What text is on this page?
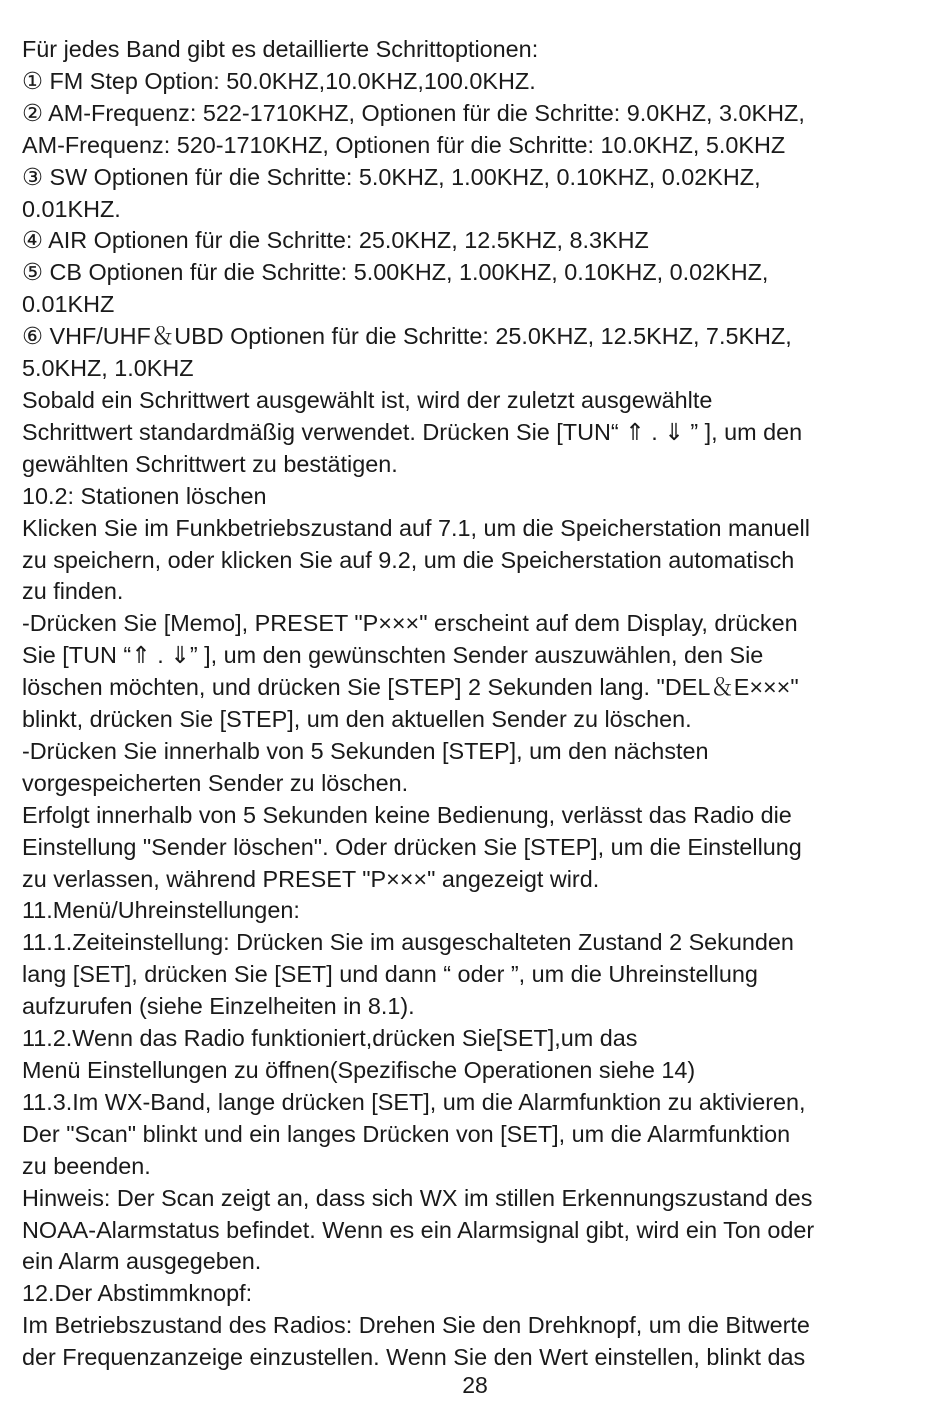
Für jedes Band gibt es detaillierte Schrittoptionen:
① FM Step Option: 50.0KHZ,10.0KHZ,100.0KHZ.
② AM-Frequenz: 522-1710KHZ, Optionen für die Schritte: 9.0KHZ, 3.0KHZ,
AM-Frequenz: 520-1710KHZ, Optionen für die Schritte: 10.0KHZ, 5.0KHZ
③ SW Optionen für die Schritte: 5.0KHZ, 1.00KHZ, 0.10KHZ, 0.02KHZ,
0.01KHZ.
④ AIR Optionen für die Schritte: 25.0KHZ, 12.5KHZ, 8.3KHZ
⑤ CB Optionen für die Schritte: 5.00KHZ, 1.00KHZ, 0.10KHZ, 0.02KHZ,
0.01KHZ
⑥ VHF/UHF＆UBD Optionen für die Schritte: 25.0KHZ, 12.5KHZ, 7.5KHZ,
5.0KHZ, 1.0KHZ
Sobald ein Schrittwert ausgewählt ist, wird der zuletzt ausgewählte
Schrittwert standardmäßig verwendet. Drücken Sie [TUN“ ⇑ . ⇓ ” ], um den
gewählten Schrittwert zu bestätigen.
10.2: Stationen löschen
Klicken Sie im Funkbetriebszustand auf 7.1, um die Speicherstation manuell
zu speichern, oder klicken Sie auf 9.2, um die Speicherstation automatisch
zu finden.
-Drücken Sie [Memo], PRESET "P×××" erscheint auf dem Display, drücken
Sie [TUN “⇑ . ⇓” ], um den gewünschten Sender auszuwählen, den Sie
löschen möchten, und drücken Sie [STEP] 2 Sekunden lang. "DEL＆E×××"
blinkt, drücken Sie [STEP], um den aktuellen Sender zu löschen.
-Drücken Sie innerhalb von 5 Sekunden [STEP], um den nächsten
vorgespeicherten Sender zu löschen.
Erfolgt innerhalb von 5 Sekunden keine Bedienung, verlässt das Radio die
Einstellung "Sender löschen". Oder drücken Sie [STEP], um die Einstellung
zu verlassen, während PRESET "P×××" angezeigt wird.
11.Menü/Uhreinstellungen:
11.1.Zeiteinstellung: Drücken Sie im ausgeschalteten Zustand 2 Sekunden
lang [SET], drücken Sie [SET] und dann “ oder ”, um die Uhreinstellung
aufzurufen (siehe Einzelheiten in 8.1).
11.2.Wenn das Radio funktioniert,drücken Sie[SET],um das
Menü Einstellungen zu öffnen(Spezifische Operationen siehe 14)
11.3.Im WX-Band, lange drücken [SET], um die Alarmfunktion zu aktivieren,
Der "Scan" blinkt und ein langes Drücken von [SET], um die Alarmfunktion
zu beenden.
Hinweis: Der Scan zeigt an, dass sich WX im stillen Erkennungszustand des
NOAA-Alarmstatus befindet. Wenn es ein Alarmsignal gibt, wird ein Ton oder
ein Alarm ausgegeben.
12.Der Abstimmknopf:
Im Betriebszustand des Radios: Drehen Sie den Drehknopf, um die Bitwerte
der Frequenzanzeige einzustellen. Wenn Sie den Wert einstellen, blinkt das
28
